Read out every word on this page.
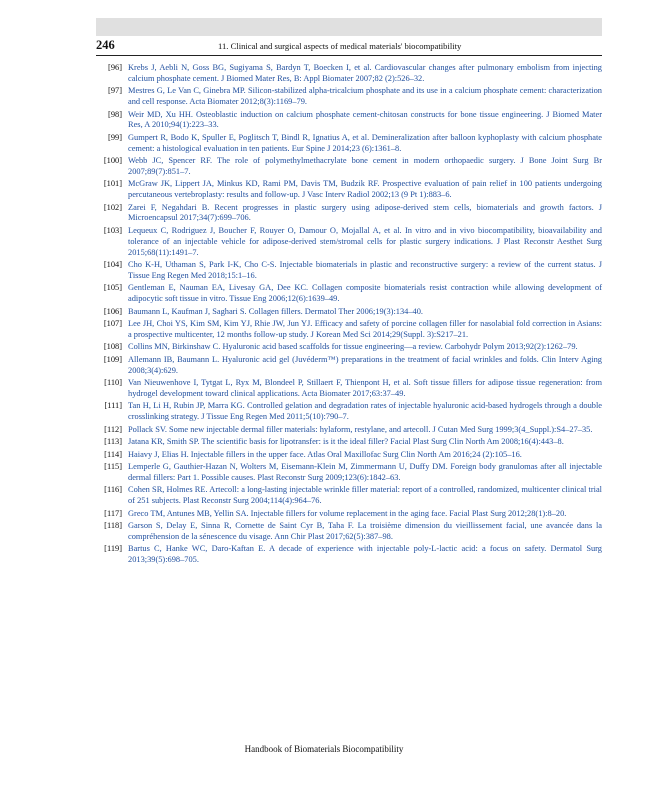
246	11. Clinical and surgical aspects of medical materials' biocompatibility
[96] Krebs J, Aebli N, Goss BG, Sugiyama S, Bardyn T, Boecken I, et al. Cardiovascular changes after pulmonary embolism from injecting calcium phosphate cement. J Biomed Mater Res, B: Appl Biomater 2007;82 (2):526–32.
[97] Mestres G, Le Van C, Ginebra MP. Silicon-stabilized alpha-tricalcium phosphate and its use in a calcium phosphate cement: characterization and cell response. Acta Biomater 2012;8(3):1169–79.
[98] Weir MD, Xu HH. Osteoblastic induction on calcium phosphate cement-chitosan constructs for bone tissue engineering. J Biomed Mater Res, A 2010;94(1):223–33.
[99] Gumpert R, Bodo K, Spuller E, Poglitsch T, Bindl R, Ignatius A, et al. Demineralization after balloon kyphoplasty with calcium phosphate cement: a histological evaluation in ten patients. Eur Spine J 2014;23 (6):1361–8.
[100] Webb JC, Spencer RF. The role of polymethylmethacrylate bone cement in modern orthopaedic surgery. J Bone Joint Surg Br 2007;89(7):851–7.
[101] McGraw JK, Lippert JA, Minkus KD, Rami PM, Davis TM, Budzik RF. Prospective evaluation of pain relief in 100 patients undergoing percutaneous vertebroplasty: results and follow-up. J Vasc Interv Radiol 2002;13 (9 Pt 1):883–6.
[102] Zarei F, Negahdari B. Recent progresses in plastic surgery using adipose-derived stem cells, biomaterials and growth factors. J Microencapsul 2017;34(7):699–706.
[103] Lequeux C, Rodriguez J, Boucher F, Rouyer O, Damour O, Mojallal A, et al. In vitro and in vivo biocompatibility, bioavailability and tolerance of an injectable vehicle for adipose-derived stem/stromal cells for plastic surgery indications. J Plast Reconstr Aesthet Surg 2015;68(11):1491–7.
[104] Cho K-H, Uthaman S, Park I-K, Cho C-S. Injectable biomaterials in plastic and reconstructive surgery: a review of the current status. J Tissue Eng Regen Med 2018;15:1–16.
[105] Gentleman E, Nauman EA, Livesay GA, Dee KC. Collagen composite biomaterials resist contraction while allowing development of adipocytic soft tissue in vitro. Tissue Eng 2006;12(6):1639–49.
[106] Baumann L, Kaufman J, Saghari S. Collagen fillers. Dermatol Ther 2006;19(3):134–40.
[107] Lee JH, Choi YS, Kim SM, Kim YJ, Rhie JW, Jun YJ. Efficacy and safety of porcine collagen filler for nasolabial fold correction in Asians: a prospective multicenter, 12 months follow-up study. J Korean Med Sci 2014;29(Suppl. 3):S217–21.
[108] Collins MN, Birkinshaw C. Hyaluronic acid based scaffolds for tissue engineering—a review. Carbohydr Polym 2013;92(2):1262–79.
[109] Allemann IB, Baumann L. Hyaluronic acid gel (Juvéderm™) preparations in the treatment of facial wrinkles and folds. Clin Interv Aging 2008;3(4):629.
[110] Van Nieuwenhove I, Tytgat L, Ryx M, Blondeel P, Stillaert F, Thienpont H, et al. Soft tissue fillers for adipose tissue regeneration: from hydrogel development toward clinical applications. Acta Biomater 2017;63:37–49.
[111] Tan H, Li H, Rubin JP, Marra KG. Controlled gelation and degradation rates of injectable hyaluronic acid-based hydrogels through a double crosslinking strategy. J Tissue Eng Regen Med 2011;5(10):790–7.
[112] Pollack SV. Some new injectable dermal filler materials: hylaform, restylane, and artecoll. J Cutan Med Surg 1999;3(4_Suppl.):S4–27–35.
[113] Jatana KR, Smith SP. The scientific basis for lipotransfer: is it the ideal filler? Facial Plast Surg Clin North Am 2008;16(4):443–8.
[114] Haiavy J, Elias H. Injectable fillers in the upper face. Atlas Oral Maxillofac Surg Clin North Am 2016;24 (2):105–16.
[115] Lemperle G, Gauthier-Hazan N, Wolters M, Eisemann-Klein M, Zimmermann U, Duffy DM. Foreign body granulomas after all injectable dermal fillers: Part 1. Possible causes. Plast Reconstr Surg 2009;123(6):1842–63.
[116] Cohen SR, Holmes RE. Artecoll: a long-lasting injectable wrinkle filler material: report of a controlled, randomized, multicenter clinical trial of 251 subjects. Plast Reconstr Surg 2004;114(4):964–76.
[117] Greco TM, Antunes MB, Yellin SA. Injectable fillers for volume replacement in the aging face. Facial Plast Surg 2012;28(1):8–20.
[118] Garson S, Delay E, Sinna R, Cornette de Saint Cyr B, Taha F. La troisième dimension du vieillissement facial, une avancée dans la compréhension de la sénescence du visage. Ann Chir Plast 2017;62(5):387–98.
[119] Bartus C, Hanke WC, Daro-Kaftan E. A decade of experience with injectable poly-L-lactic acid: a focus on safety. Dermatol Surg 2013;39(5):698–705.
Handbook of Biomaterials Biocompatibility
